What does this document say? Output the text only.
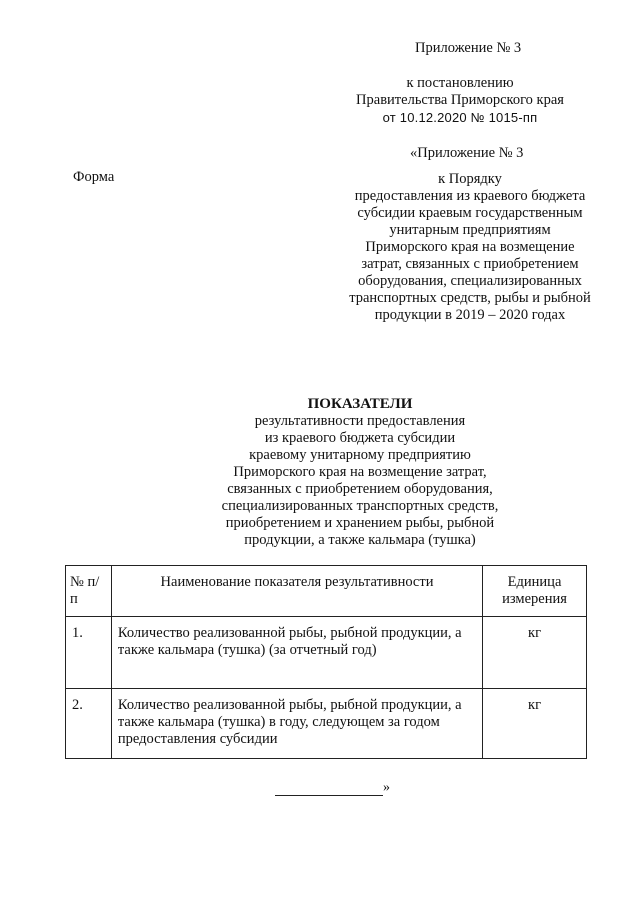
Приложение № 3
к постановлению
Правительства Приморского края
от 10.12.2020 № 1015-пп
Форма
«Приложение № 3
к Порядку
предоставления из краевого бюджета
субсидии краевым государственным
унитарным предприятиям
Приморского края на возмещение
затрат, связанных с приобретением
оборудования, специализированных
транспортных средств, рыбы и рыбной
продукции в 2019 – 2020 годах
ПОКАЗАТЕЛИ
результативности предоставления
из краевого бюджета субсидии
краевому унитарному предприятию
Приморского края на возмещение затрат,
связанных с приобретением оборудования,
специализированных транспортных средств,
приобретением и хранением рыбы, рыбной
продукции, а также кальмара (тушка)
№ п/п	Наименование показателя результативности	Единица
измерения

1.	Количество реализованной рыбы, рыбной продукции, а также кальмара (тушка) (за отчетный год)	кг
2.	Количество реализованной рыбы, рыбной продукции, а также кальмара (тушка) в году, следующем за годом предоставления субсидии	кг
»
